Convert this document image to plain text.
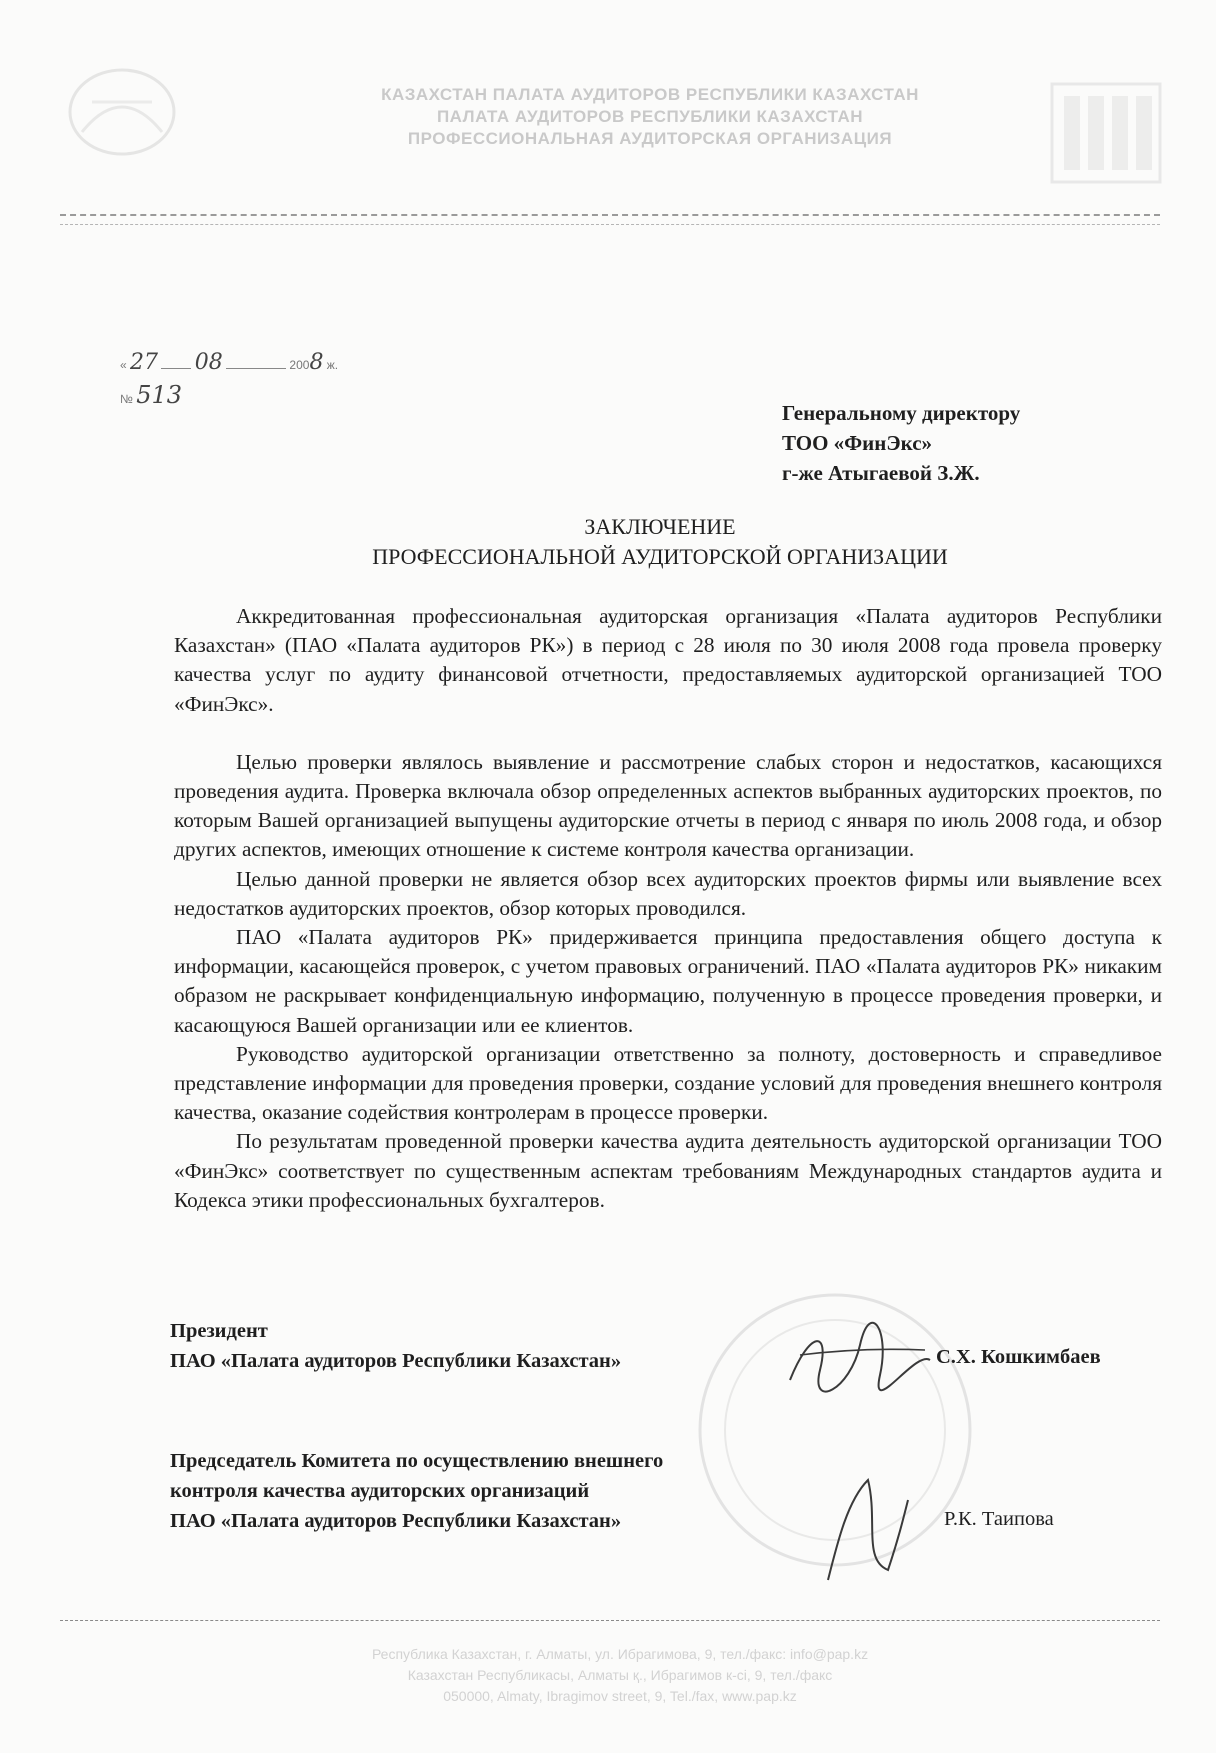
КАЗАХСТАН ПАЛАТА АУДИТОРОВ РЕСПУБЛИКИ КАЗАХСТАН
ПАЛАТА АУДИТОРОВ РЕСПУБЛИКИ КАЗАХСТАН
ПРОФЕССИОНАЛЬНАЯ АУДИТОРСКАЯ ОРГАНИЗАЦИЯ
« 27 08	2008 ж.
№ 513
Генеральному директору
ТОО «ФинЭкс»
г-же Атыгаевой З.Ж.
ЗАКЛЮЧЕНИЕ
ПРОФЕССИОНАЛЬНОЙ АУДИТОРСКОЙ ОРГАНИЗАЦИИ

Аккредитованная профессиональная аудиторская организация «Палата аудиторов Республики Казахстан» (ПАО «Палата аудиторов РК») в период с 28 июля по 30 июля 2008 года провела проверку качества услуг по аудиту финансовой отчетности, предоставляемых аудиторской организацией ТОО «ФинЭкс».

Целью проверки являлось выявление и рассмотрение слабых сторон и недостатков, касающихся проведения аудита. Проверка включала обзор определенных аспектов выбранных аудиторских проектов, по которым Вашей организацией выпущены аудиторские отчеты в период с января по июль 2008 года, и обзор других аспектов, имеющих отношение к системе контроля качества организации.

Целью данной проверки не является обзор всех аудиторских проектов фирмы или выявление всех недостатков аудиторских проектов, обзор которых проводился.

ПАО «Палата аудиторов РК» придерживается принципа предоставления общего доступа к информации, касающейся проверок, с учетом правовых ограничений. ПАО «Палата аудиторов РК» никаким образом не раскрывает конфиденциальную информацию, полученную в процессе проведения проверки, и касающуюся Вашей организации или ее клиентов.

Руководство аудиторской организации ответственно за полноту, достоверность и справедливое представление информации для проведения проверки, создание условий для проведения внешнего контроля качества, оказание содействия контролерам в процессе проверки.

По результатам проведенной проверки качества аудита деятельность аудиторской организации ТОО «ФинЭкс» соответствует по существенным аспектам требованиям Международных стандартов аудита и Кодекса этики профессиональных бухгалтеров.

Президент
ПАО «Палата аудиторов Республики Казахстан»	С.Х. Кошкимбаев
Председатель Комитета по осуществлению внешнего
контроля качества аудиторских организаций
ПАО «Палата аудиторов Республики Казахстан»	Р.К. Таипова
Республика Казахстан, г. Алматы, ул. Ибрагимова, 9, тел./факс: info@pap.kz
Казахстан Республикасы, Алматы қ., Ибрагимов к-сі, 9, тел./факс
050000, Almaty, Ibragimov street, 9, Tel./fax, www.pap.kz
